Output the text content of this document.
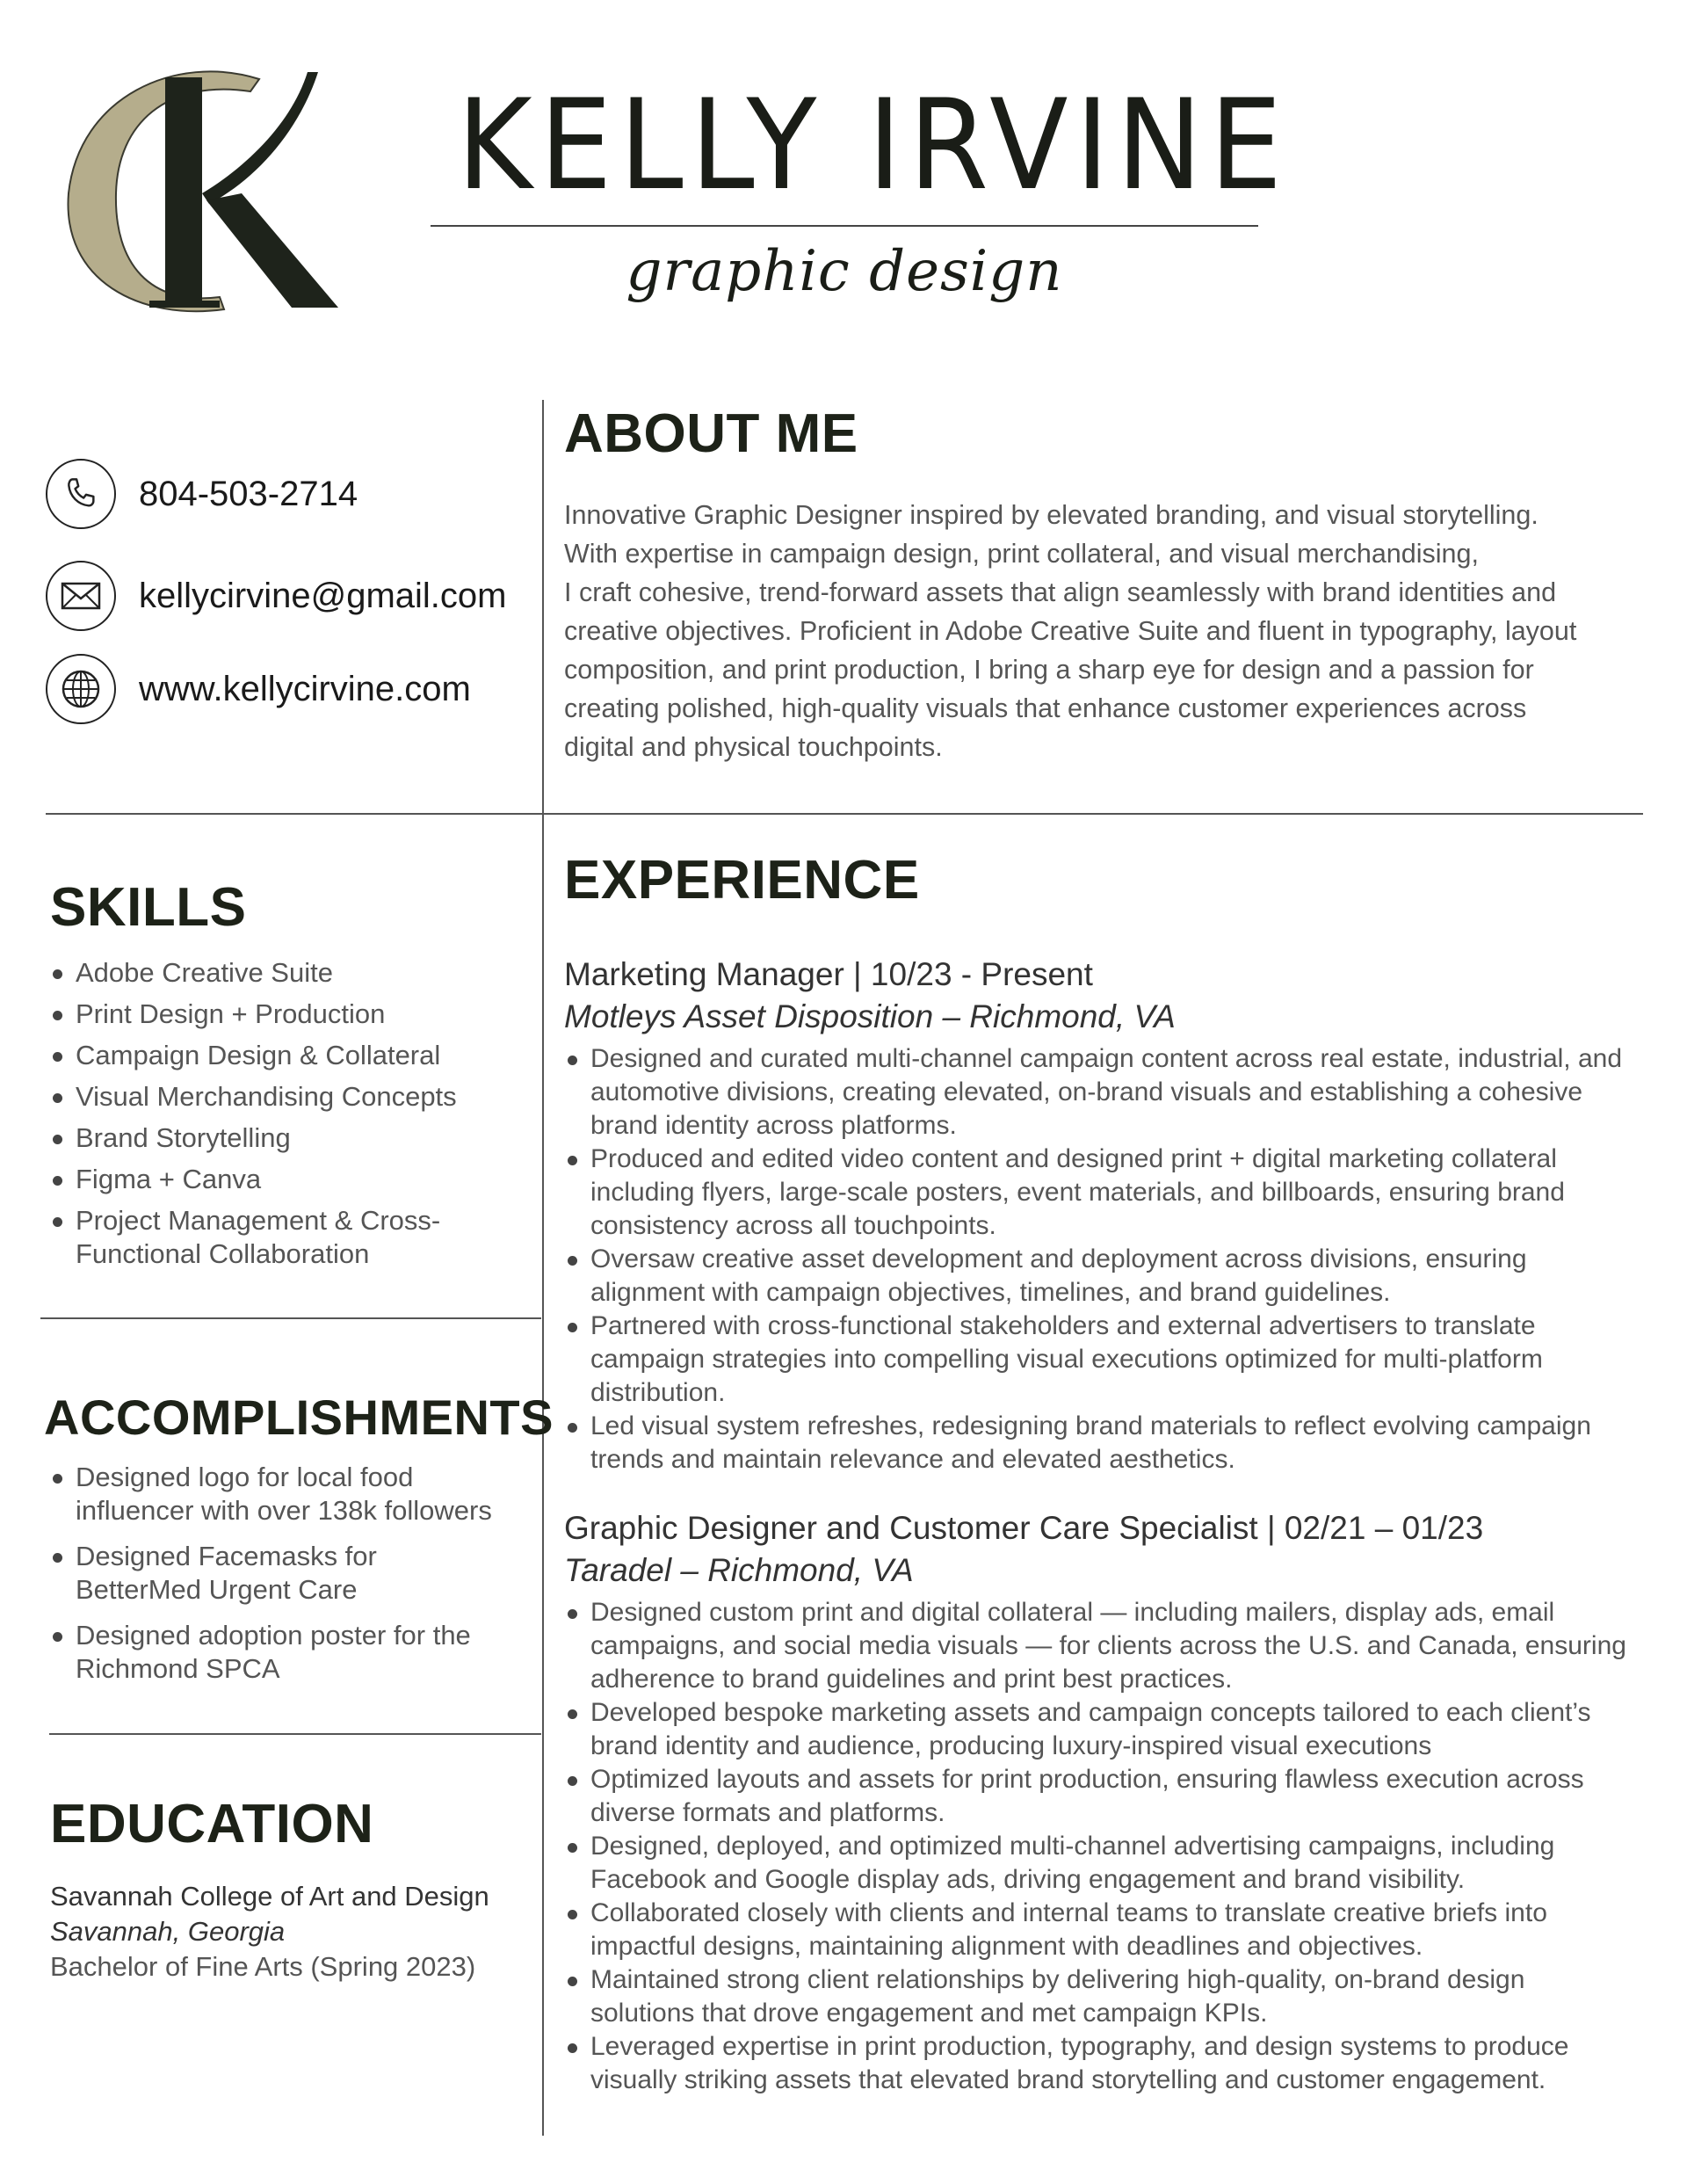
KELLY IRVINE
graphic design
804-503-2714
kellycirvine@gmail.com
www.kellycirvine.com
ABOUT ME
Innovative Graphic Designer inspired by elevated branding, and visual storytelling.
With expertise in campaign design, print collateral, and visual merchandising,
I craft cohesive, trend-forward assets that align seamlessly with brand identities and
creative objectives. Proficient in Adobe Creative Suite and fluent in typography, layout
composition, and print production, I bring a sharp eye for design and a passion for
creating polished, high-quality visuals that enhance customer experiences across
digital and physical touchpoints.
SKILLS
Adobe Creative Suite
Print Design + Production
Campaign Design & Collateral
Visual Merchandising Concepts
Brand Storytelling
Figma + Canva
Project Management & Cross-Functional Collaboration
ACCOMPLISHMENTS
Designed logo for local food influencer with over 138k followers
Designed Facemasks for BetterMed Urgent Care
Designed adoption poster for the Richmond SPCA
EDUCATION
Savannah College of Art and Design
Savannah, Georgia
Bachelor of Fine Arts (Spring 2023)
EXPERIENCE
Marketing Manager | 10/23 - Present
Motleys Asset Disposition – Richmond, VA
Designed and curated multi-channel campaign content across real estate, industrial, and automotive divisions, creating elevated, on-brand visuals and establishing a cohesive brand identity across platforms.
Produced and edited video content and designed print + digital marketing collateral including flyers, large-scale posters, event materials, and billboards, ensuring brand consistency across all touchpoints.
Oversaw creative asset development and deployment across divisions, ensuring alignment with campaign objectives, timelines, and brand guidelines.
Partnered with cross-functional stakeholders and external advertisers to translate campaign strategies into compelling visual executions optimized for multi-platform distribution.
Led visual system refreshes, redesigning brand materials to reflect evolving campaign trends and maintain relevance and elevated aesthetics.
Graphic Designer and Customer Care Specialist | 02/21 – 01/23
Taradel – Richmond, VA
Designed custom print and digital collateral — including mailers, display ads, email campaigns, and social media visuals — for clients across the U.S. and Canada, ensuring adherence to brand guidelines and print best practices.
Developed bespoke marketing assets and campaign concepts tailored to each client’s brand identity and audience, producing luxury-inspired visual executions
Optimized layouts and assets for print production, ensuring flawless execution across diverse formats and platforms.
Designed, deployed, and optimized multi-channel advertising campaigns, including Facebook and Google display ads, driving engagement and brand visibility.
Collaborated closely with clients and internal teams to translate creative briefs into impactful designs, maintaining alignment with deadlines and objectives.
Maintained strong client relationships by delivering high-quality, on-brand design solutions that drove engagement and met campaign KPIs.
Leveraged expertise in print production, typography, and design systems to produce visually striking assets that elevated brand storytelling and customer engagement.
